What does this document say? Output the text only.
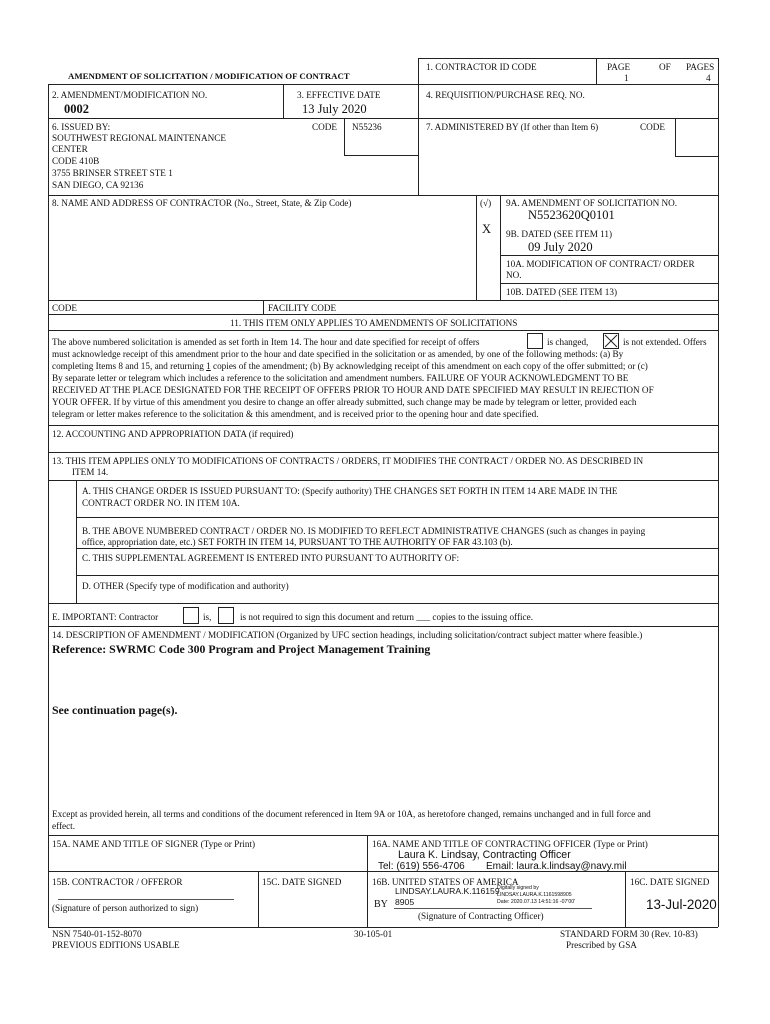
AMENDMENT OF SOLICITATION / MODIFICATION OF CONTRACT
1. CONTRACTOR ID CODE	PAGE	OF PAGES
1	4
2. AMENDMENT/MODIFICATION NO.
0002
3. EFFECTIVE DATE
13 July 2020
4. REQUISITION/PURCHASE REQ. NO.
6. ISSUED BY:	CODE N55236
SOUTHWEST REGIONAL MAINTENANCE
CENTER
CODE 410B
3755 BRINSER STREET STE 1
SAN DIEGO, CA 92136
7. ADMINISTERED BY (If other than Item 6)	CODE
8. NAME AND ADDRESS OF CONTRACTOR (No., Street, State, & Zip Code)	(√)
X
9A. AMENDMENT OF SOLICITATION NO.
N5523620Q0101
9B. DATED (SEE ITEM 11)
09 July 2020
10A. MODIFICATION OF CONTRACT/ ORDER
NO.
10B. DATED (SEE ITEM 13)
CODE	FACILITY CODE
11. THIS ITEM ONLY APPLIES TO AMENDMENTS OF SOLICITATIONS
The above numbered solicitation is amended as set forth in Item 14. The hour and date specified for receipt of offers	is changed,	is not extended. Offers
must acknowledge receipt of this amendment prior to the hour and date specified in the solicitation or as amended, by one of the following methods: (a) By
completing Items 8 and 15, and returning 1 copies of the amendment; (b) By acknowledging receipt of this amendment on each copy of the offer submitted; or (c)
By separate letter or telegram which includes a reference to the solicitation and amendment numbers. FAILURE OF YOUR ACKNOWLEDGMENT TO BE
RECEIVED AT THE PLACE DESIGNATED FOR THE RECEIPT OF OFFERS PRIOR TO HOUR AND DATE SPECIFIED MAY RESULT IN REJECTION OF
YOUR OFFER. If by virtue of this amendment you desire to change an offer already submitted, such change may be made by telegram or letter, provided each
telegram or letter makes reference to the solicitation & this amendment, and is received prior to the opening hour and date specified.
12. ACCOUNTING AND APPROPRIATION DATA (if required)
13. THIS ITEM APPLIES ONLY TO MODIFICATIONS OF CONTRACTS / ORDERS, IT MODIFIES THE CONTRACT / ORDER NO. AS DESCRIBED IN
ITEM 14.
A. THIS CHANGE ORDER IS ISSUED PURSUANT TO: (Specify authority) THE CHANGES SET FORTH IN ITEM 14 ARE MADE IN THE
CONTRACT ORDER NO. IN ITEM 10A.
B. THE ABOVE NUMBERED CONTRACT / ORDER NO. IS MODIFIED TO REFLECT ADMINISTRATIVE CHANGES (such as changes in paying
office, appropriation date, etc.) SET FORTH IN ITEM 14, PURSUANT TO THE AUTHORITY OF FAR 43.103 (b).
C. THIS SUPPLEMENTAL AGREEMENT IS ENTERED INTO PURSUANT TO AUTHORITY OF:
D. OTHER (Specify type of modification and authority)
E. IMPORTANT: Contractor	is,	is not required to sign this document and return ___ copies to the issuing office.
14. DESCRIPTION OF AMENDMENT / MODIFICATION (Organized by UFC section headings, including solicitation/contract subject matter where feasible.)
Reference: SWRMC Code 300 Program and Project Management Training
See continuation page(s).
Except as provided herein, all terms and conditions of the document referenced in Item 9A or 10A, as heretofore changed, remains unchanged and in full force and
effect.
15A. NAME AND TITLE OF SIGNER (Type or Print)	16A. NAME AND TITLE OF CONTRACTING OFFICER (Type or Print)
Laura K. Lindsay, Contracting Officer
Tel: (619) 556-4706 Email: laura.k.lindsay@navy.mil
15B. CONTRACTOR / OFFEROR
(Signature of person authorized to sign)
15C. DATE SIGNED	16B. UNITED STATES OF AMERICA
BY
LINDSAY.LAURA.K.116159
8905
Digitally signed by
LINDSAY.LAURA.K.1161598905
Date: 2020.07.13 14:51:16 -07'00'
(Signature of Contracting Officer)
16C. DATE SIGNED
13-Jul-2020
NSN 7540-01-152-8070
PREVIOUS EDITIONS USABLE
30-105-01	STANDARD FORM 30 (Rev. 10-83)
Prescribed by GSA
